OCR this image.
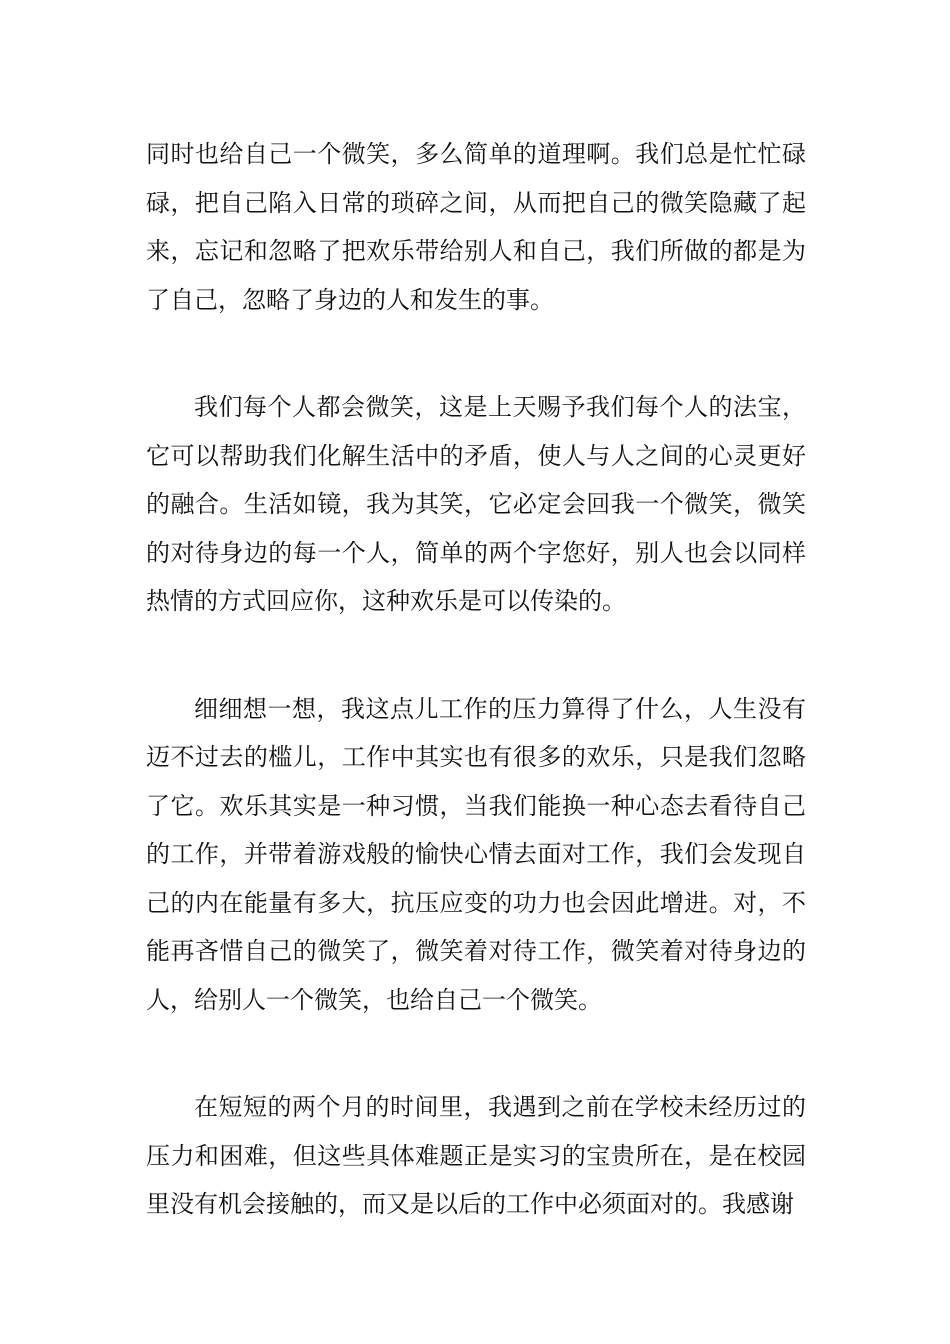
同时也给自己一个微笑，多么简单的道理啊。我们总是忙忙碌碌，把自己陷入日常的琐碎之间，从而把自己的微笑隐藏了起来，忘记和忽略了把欢乐带给别人和自己，我们所做的都是为了自己，忽略了身边的人和发生的事。

我们每个人都会微笑，这是上天赐予我们每个人的法宝，它可以帮助我们化解生活中的矛盾，使人与人之间的心灵更好的融合。生活如镜，我为其笑，它必定会回我一个微笑，微笑的对待身边的每一个人，简单的两个字您好，别人也会以同样热情的方式回应你，这种欢乐是可以传染的。

细细想一想，我这点儿工作的压力算得了什么，人生没有迈不过去的槛儿，工作中其实也有很多的欢乐，只是我们忽略了它。欢乐其实是一种习惯，当我们能换一种心态去看待自己的工作，并带着游戏般的愉快心情去面对工作，我们会发现自己的内在能量有多大，抗压应变的功力也会因此增进。对，不能再吝惜自己的微笑了，微笑着对待工作，微笑着对待身边的人，给别人一个微笑，也给自己一个微笑。

在短短的两个月的时间里，我遇到之前在学校未经历过的压力和困难，但这些具体难题正是实习的宝贵所在，是在校园里没有机会接触的，而又是以后的工作中必须面对的。我感谢
